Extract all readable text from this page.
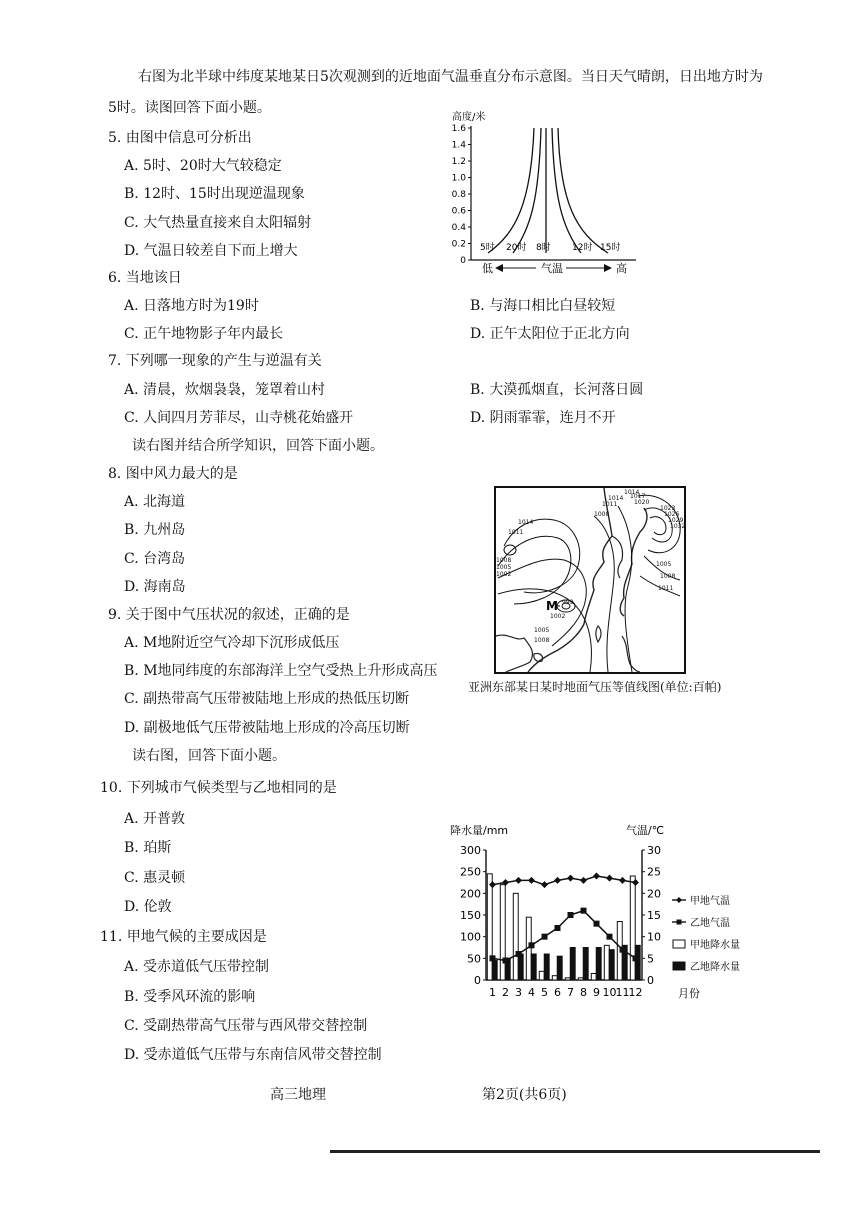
右图为北半球中纬度某地某日5次观测到的近地面气温垂直分布示意图。当日天气晴朗，日出地方时为
5时。读图回答下面小题。
5. 由图中信息可分析出
A. 5时、20时大气较稳定
B. 12时、15时出现逆温现象
C. 大气热量直接来自太阳辐射
D. 气温日较差自下而上增大
6. 当地该日
A. 日落地方时为19时	B. 与海口相比白昼较短
C. 正午地物影子年内最长	D. 正午太阳位于正北方向
7. 下列哪一现象的产生与逆温有关
A. 清晨，炊烟袅袅，笼罩着山村	B. 大漠孤烟直，长河落日圆
C. 人间四月芳菲尽，山寺桃花始盛开	D. 阴雨霏霏，连月不开
读右图并结合所学知识，回答下面小题。
8. 图中风力最大的是
A. 北海道
B. 九州岛
C. 台湾岛
D. 海南岛
9. 关于图中气压状况的叙述，正确的是
A. M地附近空气冷却下沉形成低压
B. M地同纬度的东部海洋上空气受热上升形成高压
C. 副热带高气压带被陆地上形成的热低压切断
D. 副极地低气压带被陆地上形成的冷高压切断
读右图，回答下面小题。
10. 下列城市气候类型与乙地相同的是
A. 开普敦
B. 珀斯
C. 惠灵顿
D. 伦敦
11. 甲地气候的主要成因是
A. 受赤道低气压带控制
B. 受季风环流的影响
C. 受副热带高气压带与西风带交替控制
D. 受赤道低气压带与东南信风带交替控制
高三地理	第2页(共6页)
高度/米
1.6
1.4
1.2
1.0
0.8
0.6
0.4
0.2
0
5时 20时 8时 12时 15时
低	气温	高
1014
1011
1008
1005
1002
1011
1014
1008
1005
1008
1011
1002
999
1005
1008
1014
1017
1020
1023
1026
1029
1032
M
亚洲东部某日某时地面气压等值线图(单位:百帕)
降水量/mm	气温/℃
300
250
200
150
100
50
0
30
25
20
15
10
5
0
1 2 3 4 5 6 7 8 9 10 11 12	月份
甲地气温
乙地气温
甲地降水量
乙地降水量
